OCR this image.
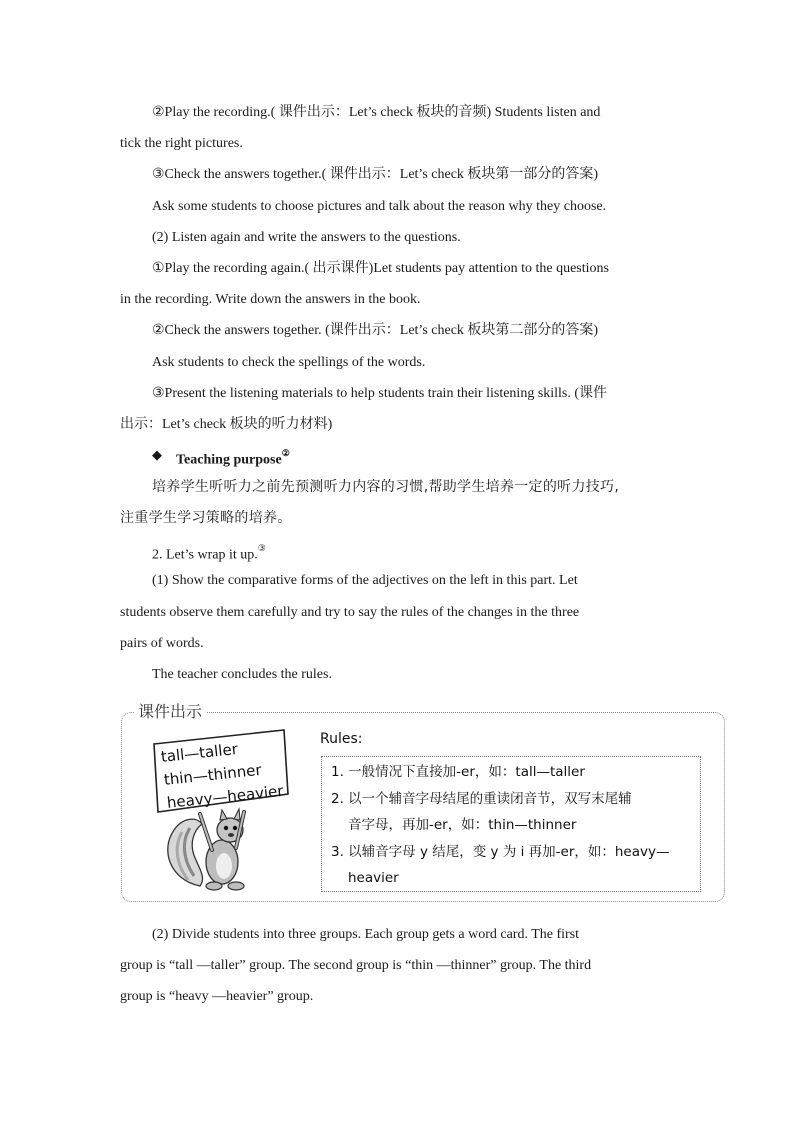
②Play the recording.( 课件出示：Let’s check 板块的音频) Students listen and
tick the right pictures.
③Check the answers together.( 课件出示：Let’s check 板块第一部分的答案)
Ask some students to choose pictures and talk about the reason why they choose.
(2) Listen again and write the answers to the questions.
①Play the recording again.( 出示课件)Let students pay attention to the questions
in the recording. Write down the answers in the book.
②Check the answers together. (课件出示：Let’s check 板块第二部分的答案)
Ask students to check the spellings of the words.
③Present the listening materials to help students train their listening skills. (课件
出示：Let’s check 板块的听力材料)
◆ Teaching purpose②
培养学生听听力之前先预测听力内容的习惯,帮助学生培养一定的听力技巧,
注重学生学习策略的培养。
2. Let’s wrap it up.③
(1) Show the comparative forms of the adjectives on the left in this part. Let
students observe them carefully and try to say the rules of the changes in the three
pairs of words.
The teacher concludes the rules.
课件出示
tall—taller
thin—thinner
heavy—heavier
Rules:
1. 一般情况下直接加-er，如：tall—taller
2. 以一个辅音字母结尾的重读闭音节，双写末尾辅
音字母，再加-er，如：thin—thinner
3. 以辅音字母 y 结尾，变 y 为 i 再加-er，如：heavy—
heavier
(2) Divide students into three groups. Each group gets a word card. The first
group is “tall —taller” group. The second group is “thin —thinner” group. The third
group is “heavy —heavier” group.
